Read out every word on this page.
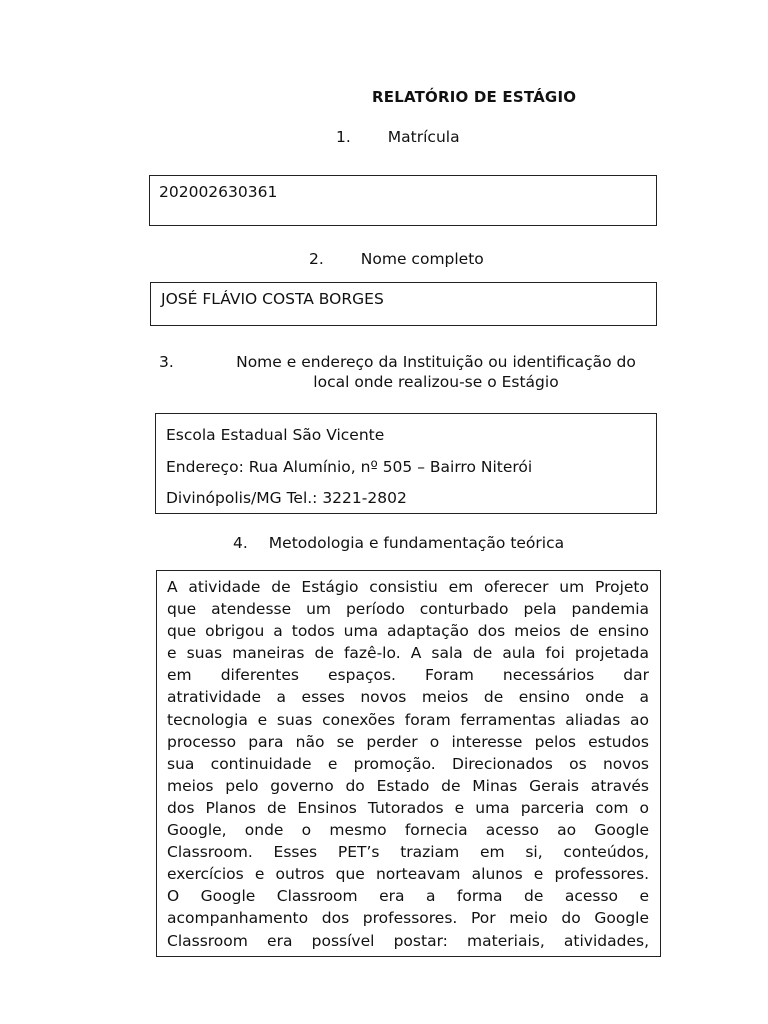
RELATÓRIO DE ESTÁGIO
1. Matrícula
202002630361
2. Nome completo
JOSÉ FLÁVIO COSTA BORGES
3.	Nome e endereço da Instituição ou identificação do
local onde realizou-se o Estágio
Escola Estadual São Vicente
Endereço: Rua Alumínio, nº 505 – Bairro Niterói
Divinópolis/MG Tel.: 3221-2802
4. Metodologia e fundamentação teórica
A atividade de Estágio consistiu em oferecer um Projeto
que atendesse um período conturbado pela pandemia
que obrigou a todos uma adaptação dos meios de ensino
e suas maneiras de fazê-lo. A sala de aula foi projetada
em diferentes espaços. Foram necessários dar
atratividade a esses novos meios de ensino onde a
tecnologia e suas conexões foram ferramentas aliadas ao
processo para não se perder o interesse pelos estudos
sua continuidade e promoção. Direcionados os novos
meios pelo governo do Estado de Minas Gerais através
dos Planos de Ensinos Tutorados e uma parceria com o
Google, onde o mesmo fornecia acesso ao Google
Classroom. Esses PET’s traziam em si, conteúdos,
exercícios e outros que norteavam alunos e professores.
O Google Classroom era a forma de acesso e
acompanhamento dos professores. Por meio do Google
Classroom era possível postar: materiais, atividades,
